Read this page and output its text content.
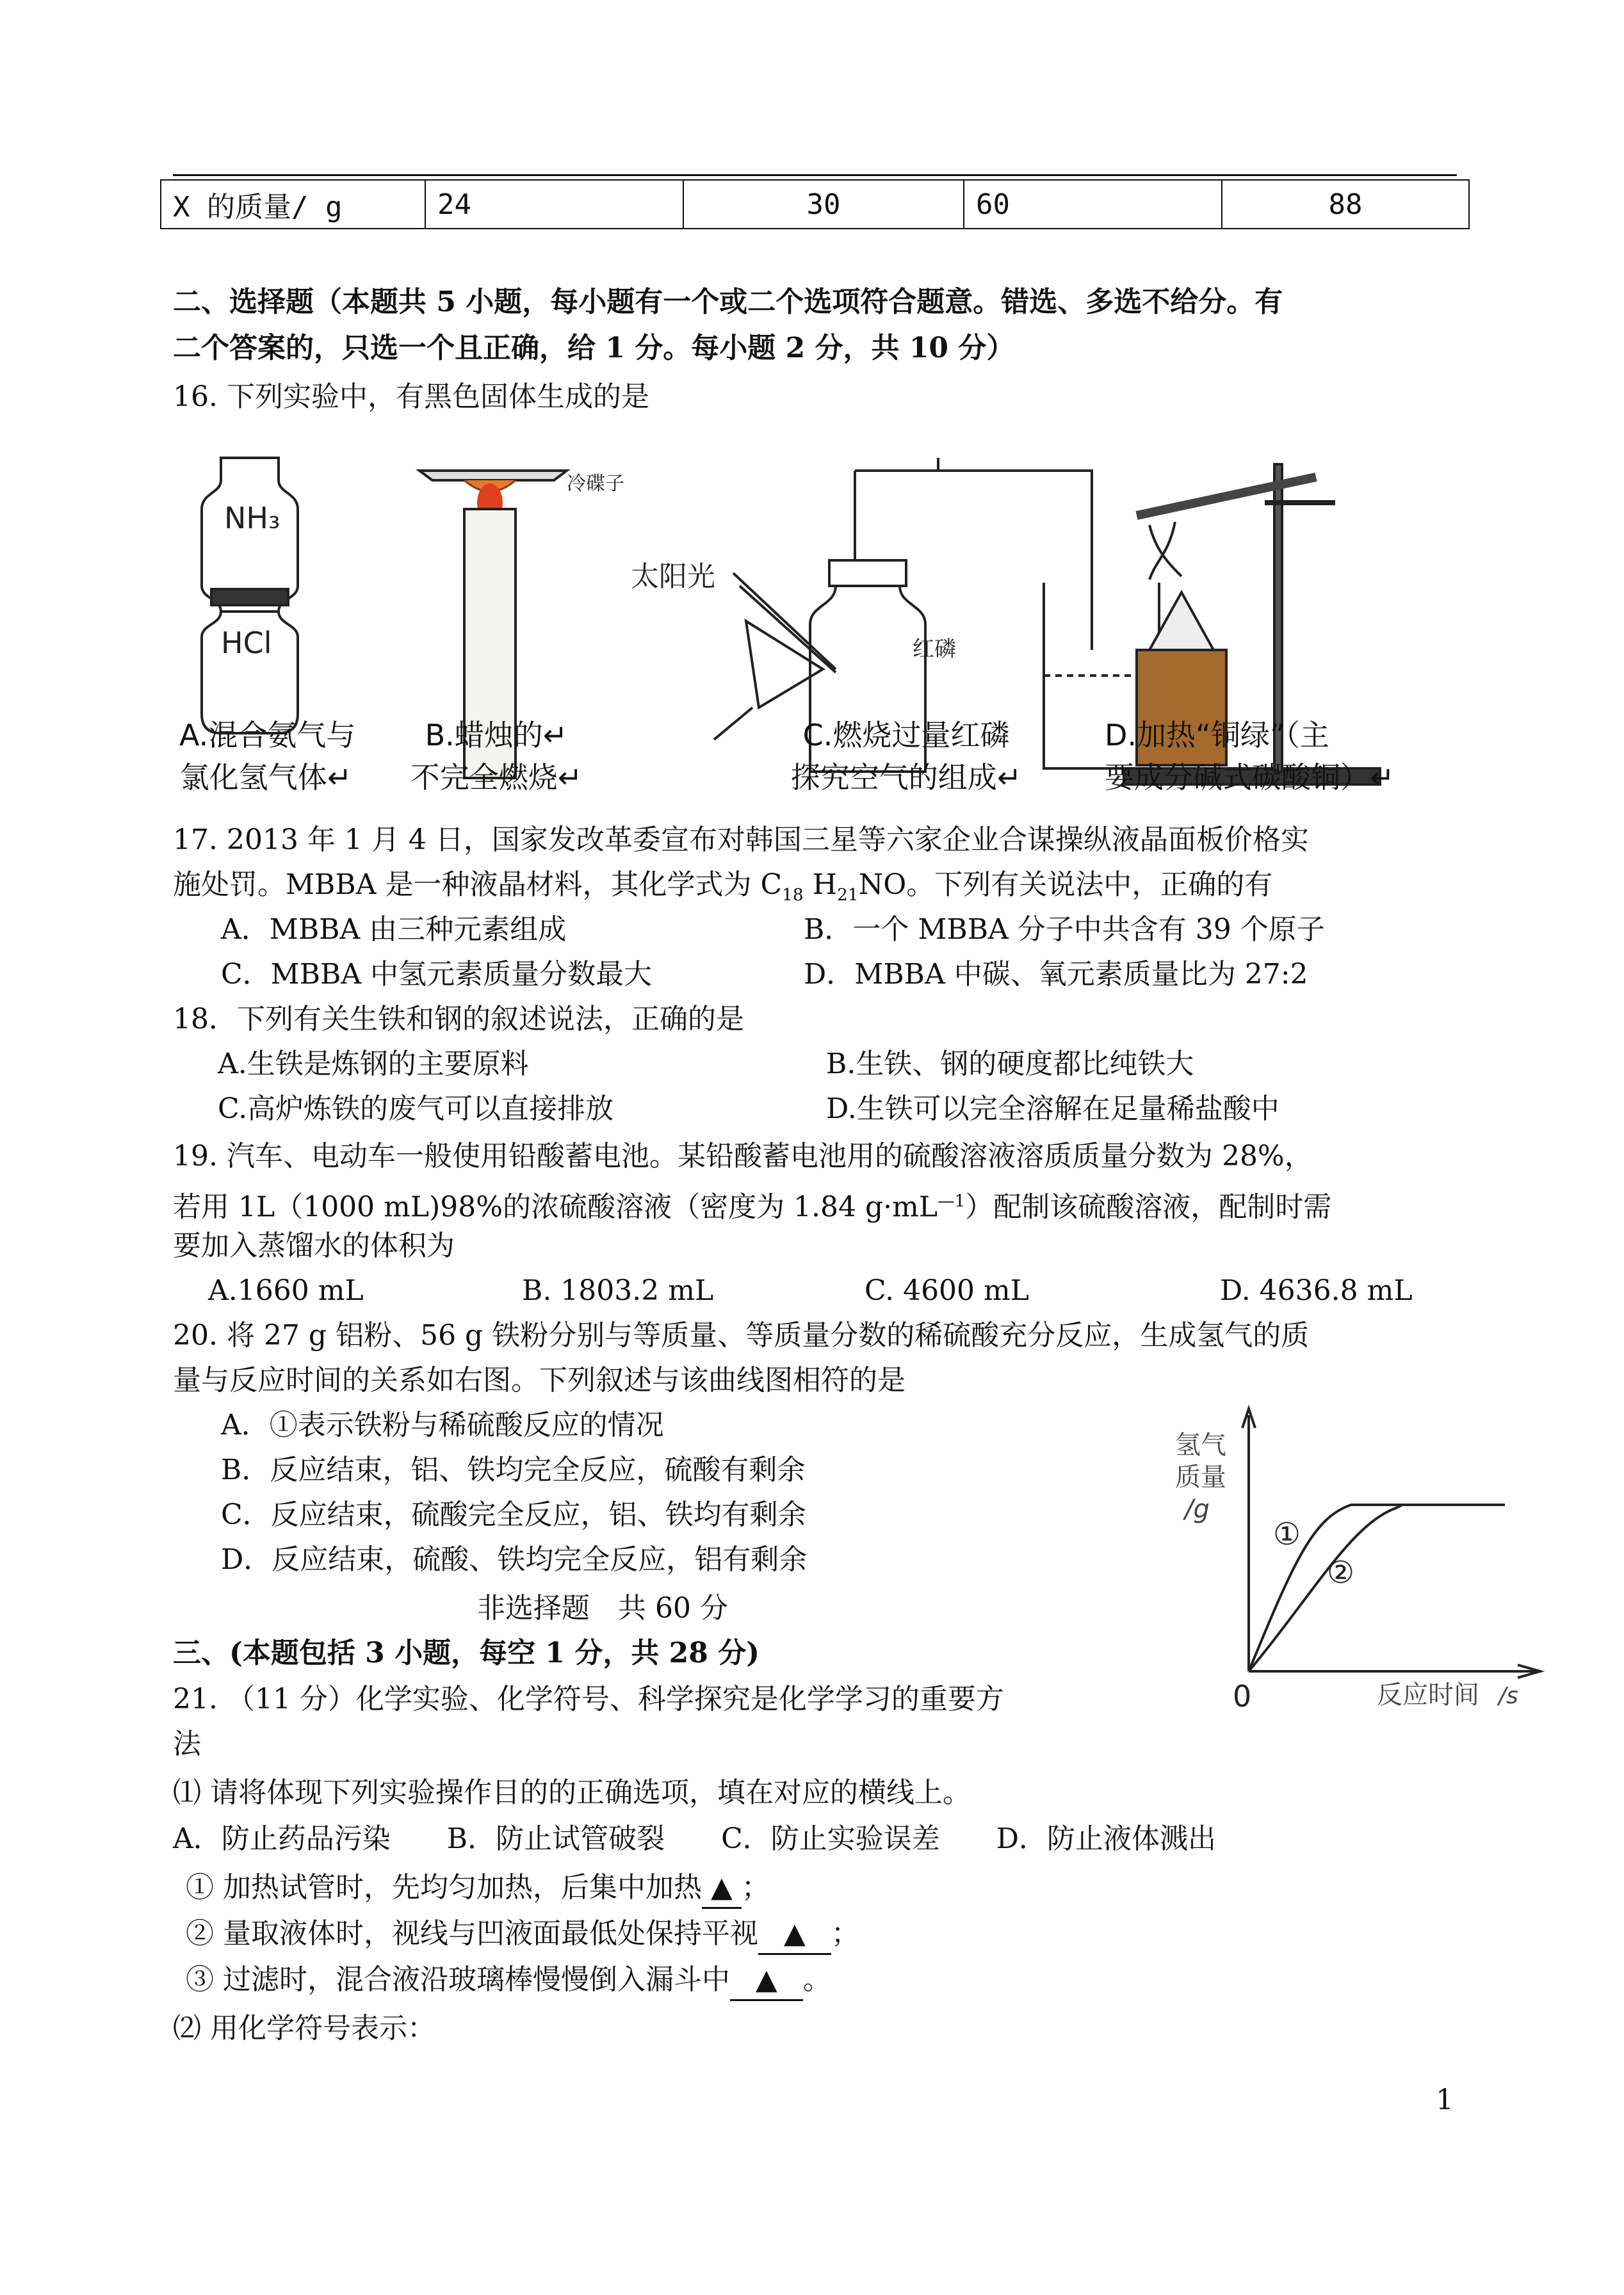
X 的质量/ g	24	30	60	88
二、选择题（本题共 5 小题，每小题有一个或二个选项符合题意。错选、多选不给分。有
二个答案的，只选一个且正确，给 1 分。每小题 2 分，共 10 分）
16. 下列实验中，有黑色固体生成的是
NH₃
HCl
冷碟子
太阳光
红磷
A.混合氨气与
氯化氢气体↵
B.蜡烛的↵
不完全燃烧↵
C.燃烧过量红磷
探究空气的组成↵
D.加热“铜绿”（主
要成分碱式碳酸铜）↵
17. 2013 年 1 月 4 日，国家发改革委宣布对韩国三星等六家企业合谋操纵液晶面板价格实
施处罚。MBBA 是一种液晶材料，其化学式为 $C_{18}$ $H_{21}NO$。下列有关说法中，正确的有
A．MBBA 由三种元素组成	B．一个 MBBA 分子中共含有 39 个原子
C．MBBA 中氢元素质量分数最大	D．MBBA 中碳、氧元素质量比为 27:2
18．下列有关生铁和钢的叙述说法，正确的是
A.生铁是炼钢的主要原料	B.生铁、钢的硬度都比纯铁大
C.高炉炼铁的废气可以直接排放	D.生铁可以完全溶解在足量稀盐酸中
19. 汽车、电动车一般使用铅酸蓄电池。某铅酸蓄电池用的硫酸溶液溶质质量分数为 28%，
若用 1L（1000 mL)98%的浓硫酸溶液（密度为 1.84 $g\cdot mL^{—1}$）配制该硫酸溶液，配制时需
要加入蒸馏水的体积为
A.1660 mL	B. 1803.2 mL	C. 4600 mL	D. 4636.8 mL
20. 将 27 g 铝粉、56 g 铁粉分别与等质量、等质量分数的稀硫酸充分反应，生成氢气的质
量与反应时间的关系如右图。下列叙述与该曲线图相符的是
A．①表示铁粉与稀硫酸反应的情况
B．反应结束，铝、铁均完全反应，硫酸有剩余
C．反应结束，硫酸完全反应，铝、铁均有剩余
D．反应结束，硫酸、铁均完全反应，铝有剩余
氢气
质量
/g
0	反应时间 /s
①
②
非选择题　共 60 分
三、(本题包括 3 小题，每空 1 分，共 28 分)
21. （11 分）化学实验、化学符号、科学探究是化学学习的重要方
法
⑴ 请将体现下列实验操作目的的正确选项，填在对应的横线上。
A．防止药品污染　　B．防止试管破裂　　C．防止实验误差　　D．防止液体溅出
① 加热试管时，先均匀加热，后集中加热 ▲ ；
② 量取液体时，视线与凹液面最低处保持平视 ▲ ；
③ 过滤时，混合液沿玻璃棒慢慢倒入漏斗中 ▲ 。
⑵ 用化学符号表示：
1
